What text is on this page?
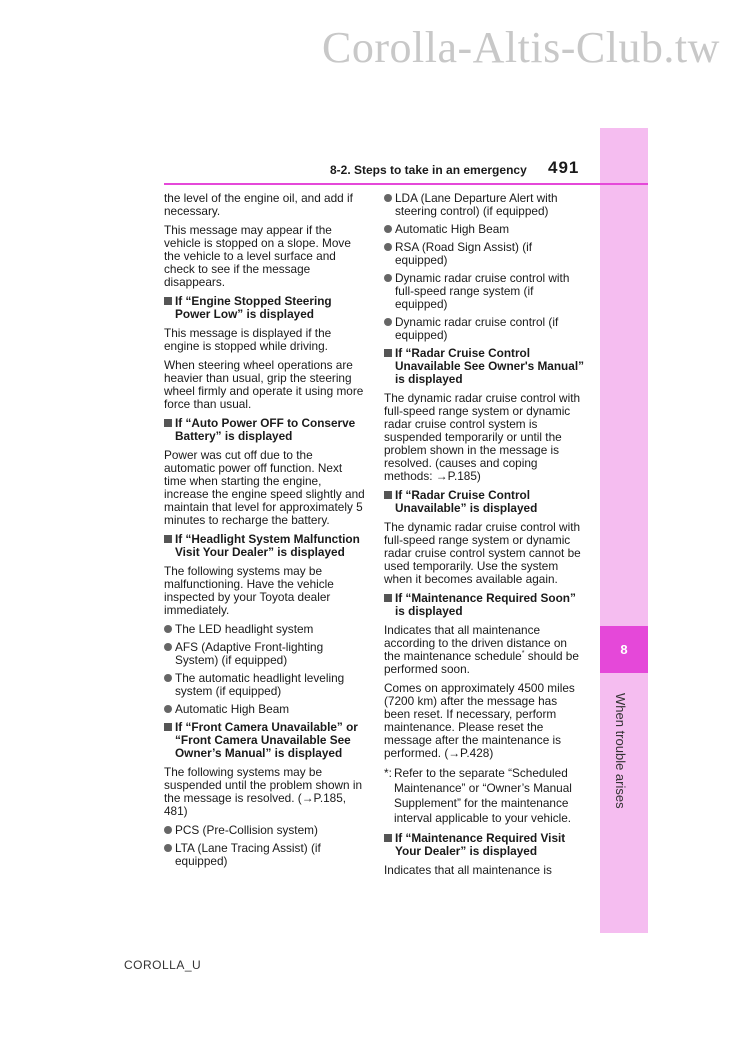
Corolla-Altis-Club.tw
8
When trouble arises
8-2. Steps to take in an emergency 491

the level of the engine oil, and add if necessary.

This message may appear if the vehicle is stopped on a slope. Move the vehicle to a level surface and check to see if the message disappears.

If “Engine Stopped Steering Power Low” is displayed

This message is displayed if the engine is stopped while driving.

When steering wheel operations are heavier than usual, grip the steering wheel firmly and operate it using more force than usual.

If “Auto Power OFF to Conserve Battery” is displayed

Power was cut off due to the automatic power off function. Next time when starting the engine, increase the engine speed slightly and maintain that level for approximately 5 minutes to recharge the battery.

If “Headlight System Malfunction Visit Your Dealer” is displayed

The following systems may be malfunctioning. Have the vehicle inspected by your Toyota dealer immediately.

The LED headlight system
AFS (Adaptive Front-lighting System) (if equipped)
The automatic headlight leveling system (if equipped)
Automatic High Beam
If “Front Camera Unavailable” or “Front Camera Unavailable See Owner’s Manual” is displayed

The following systems may be suspended until the problem shown in the message is resolved. (→P.185, 481)

PCS (Pre-Collision system)
LTA (Lane Tracing Assist) (if equipped)
LDA (Lane Departure Alert with steering control) (if equipped)
Automatic High Beam
RSA (Road Sign Assist) (if equipped)
Dynamic radar cruise control with full-speed range system (if equipped)
Dynamic radar cruise control (if equipped)
If “Radar Cruise Control Unavailable See Owner's Manual” is displayed

The dynamic radar cruise control with full-speed range system or dynamic radar cruise control system is suspended temporarily or until the problem shown in the message is resolved. (causes and coping methods: →P.185)

If “Radar Cruise Control Unavailable” is displayed

The dynamic radar cruise control with full-speed range system or dynamic radar cruise control system cannot be used temporarily. Use the system when it becomes available again.

If “Maintenance Required Soon” is displayed

Indicates that all maintenance according to the driven distance on the maintenance schedule* should be performed soon.

Comes on approximately 4500 miles (7200 km) after the message has been reset. If necessary, perform maintenance. Please reset the message after the maintenance is performed. (→P.428)

*: Refer to the separate “Scheduled Maintenance” or “Owner’s Manual Supplement” for the maintenance interval applicable to your vehicle.
If “Maintenance Required Visit Your Dealer” is displayed

Indicates that all maintenance is

COROLLA_U
